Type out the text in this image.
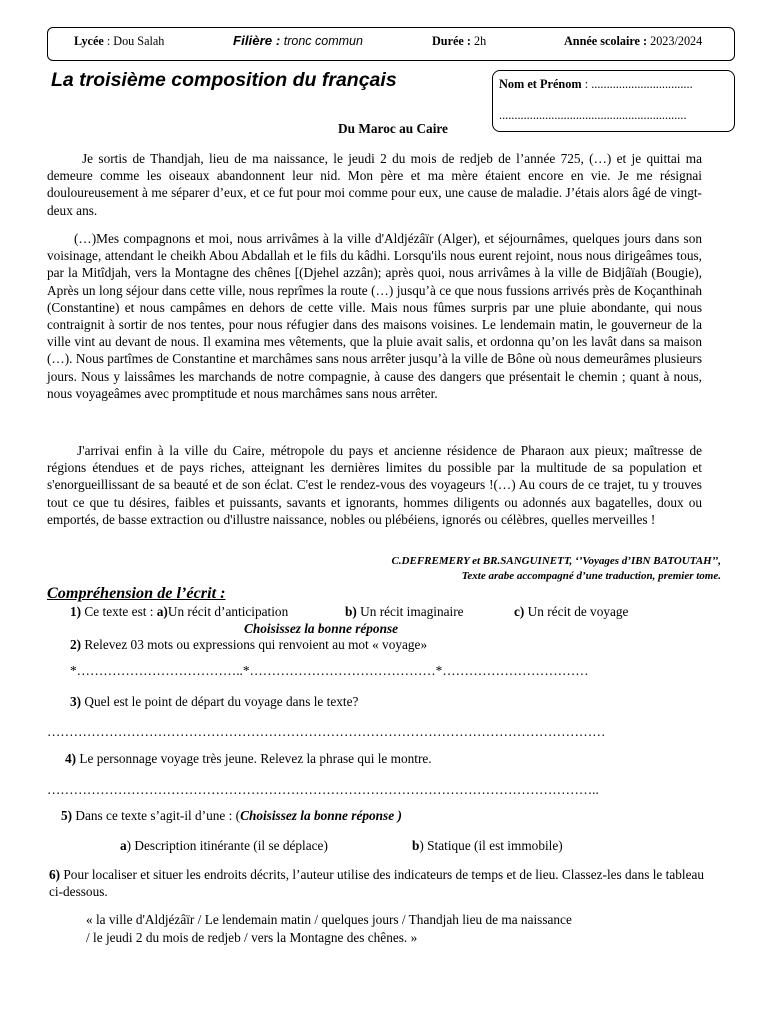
Lycée : Dou Salah	Filière : tronc commun	Durée : 2h	Année scolaire : 2023/2024
La troisième composition du français	Nom et Prénom : .................................
.............................................................
Du Maroc au Caire
Je sortis de Thandjah, lieu de ma naissance, le jeudi 2 du mois de redjeb de l’année 725, (…) et je quittai ma demeure comme les oiseaux abandonnent leur nid. Mon père et ma mère étaient encore en vie. Je me résignai douloureusement à me séparer d’eux, et ce fut pour moi comme pour eux, une cause de maladie. J’étais alors âgé de vingt-deux ans.
(…)Mes compagnons et moi, nous arrivâmes à la ville d'Aldjézâïr (Alger), et séjournâmes, quelques jours dans son voisinage, attendant le cheikh Abou Abdallah et le fils du kâdhi. Lorsqu'ils nous eurent rejoint, nous nous dirigeâmes tous, par la Mitîdjah, vers la Montagne des chênes [(Djehel azzân); après quoi, nous arrivâmes à la ville de Bidjâïah (Bougie), Après un long séjour dans cette ville, nous reprîmes la route (…) jusqu’à ce que nous fussions arrivés près de Koçanthinah (Constantine) et nous campâmes en dehors de cette ville. Mais nous fûmes surpris par une pluie abondante, qui nous contraignit à sortir de nos tentes, pour nous réfugier dans des maisons voisines. Le lendemain matin, le gouverneur de la ville vint au devant de nous. Il examina mes vêtements, que la pluie avait salis, et ordonna qu’on les lavât dans sa maison (…). Nous partîmes de Constantine et marchâmes sans nous arrêter jusqu’à la ville de Bône où nous demeurâmes plusieurs jours. Nous y laissâmes les marchands de notre compagnie, à cause des dangers que présentait le chemin ; quant à nous, nous voyageâmes avec promptitude et nous marchâmes sans nous arrêter.
J'arrivai enfin à la ville du Caire, métropole du pays et ancienne résidence de Pharaon aux pieux; maîtresse de régions étendues et de pays riches, atteignant les dernières limites du possible par la multitude de sa population et s'enorgueillissant de sa beauté et de son éclat. C'est le rendez-vous des voyageurs !(…) Au cours de ce trajet, tu y trouves tout ce que tu désires, faibles et puissants, savants et ignorants, hommes diligents ou adonnés aux bagatelles, doux ou emportés, de basse extraction ou d'illustre naissance, nobles ou plébéiens, ignorés ou célèbres, quelles merveilles !
C.DEFREMERY et BR.SANGUINETT, ‘’Voyages d’IBN BATOUTAH’’,
Texte arabe accompagné d’une traduction, premier tome.
Compréhension de l’écrit :
1) Ce texte est : a)Un récit d’anticipation	b) Un récit imaginaire	c) Un récit de voyage
Choisissez la bonne réponse
2) Relevez 03 mots ou expressions qui renvoient au mot « voyage»
*………………………………..*……………………………………*……………………………
3) Quel est le point de départ du voyage dans le texte?
………………………………………………………………………………………………………………
4) Le personnage voyage très jeune. Relevez la phrase qui le montre.
……………………………………………………………………………………………………………..
5) Dans ce texte s’agit-il d’une : (Choisissez la bonne réponse )
a) Description itinérante (il se déplace)	b) Statique (il est immobile)
6) Pour localiser et situer les endroits décrits, l’auteur utilise des indicateurs de temps et de lieu. Classez-les dans le tableau ci-dessous.
« la ville d'Aldjézâïr / Le lendemain matin / quelques jours / Thandjah lieu de ma naissance
/ le jeudi 2 du mois de redjeb / vers la Montagne des chênes. »
